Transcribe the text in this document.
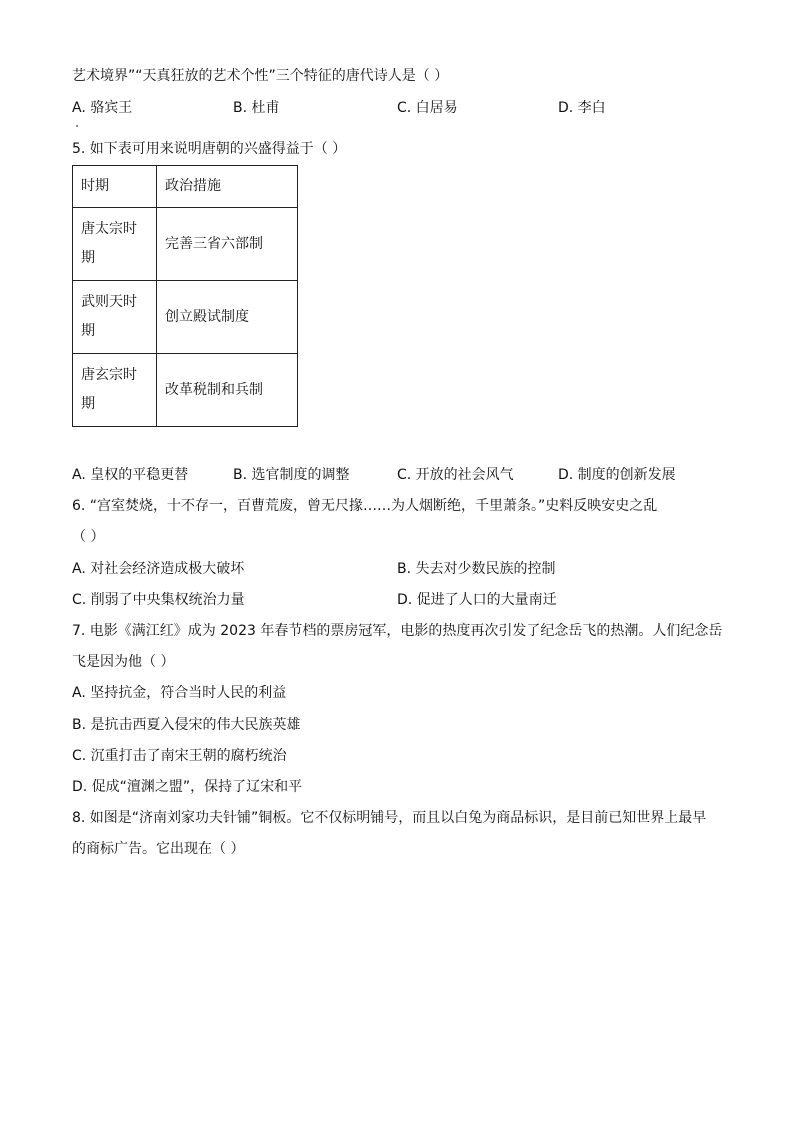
艺术境界”“天真狂放的艺术个性”三个特征的唐代诗人是（ ）
A. 骆宾王	B. 杜甫	C. 白居易	D. 李白
5. 如下表可用来说明唐朝的兴盛得益于（ ）
时期	政治措施
唐太宗时期	完善三省六部制
武则天时期	创立殿试制度
唐玄宗时期	改革税制和兵制
A. 皇权的平稳更替	B. 选官制度的调整	C. 开放的社会风气	D. 制度的创新发展
6. “宫室焚烧，十不存一，百曹荒废，曾无尺掾……为人烟断绝，千里萧条。”史料反映安史之乱
（ ）
A. 对社会经济造成极大破坏	B. 失去对少数民族的控制
C. 削弱了中央集权统治力量	D. 促进了人口的大量南迁
7. 电影《满江红》成为 2023 年春节档的票房冠军，电影的热度再次引发了纪念岳飞的热潮。人们纪念岳
飞是因为他（ ）
A. 坚持抗金，符合当时人民的利益
B. 是抗击西夏入侵宋的伟大民族英雄
C. 沉重打击了南宋王朝的腐朽统治
D. 促成“澶渊之盟”，保持了辽宋和平
8. 如图是“济南刘家功夫针铺”铜板。它不仅标明铺号，而且以白兔为商品标识，是目前已知世界上最早
的商标广告。它出现在（ ）
